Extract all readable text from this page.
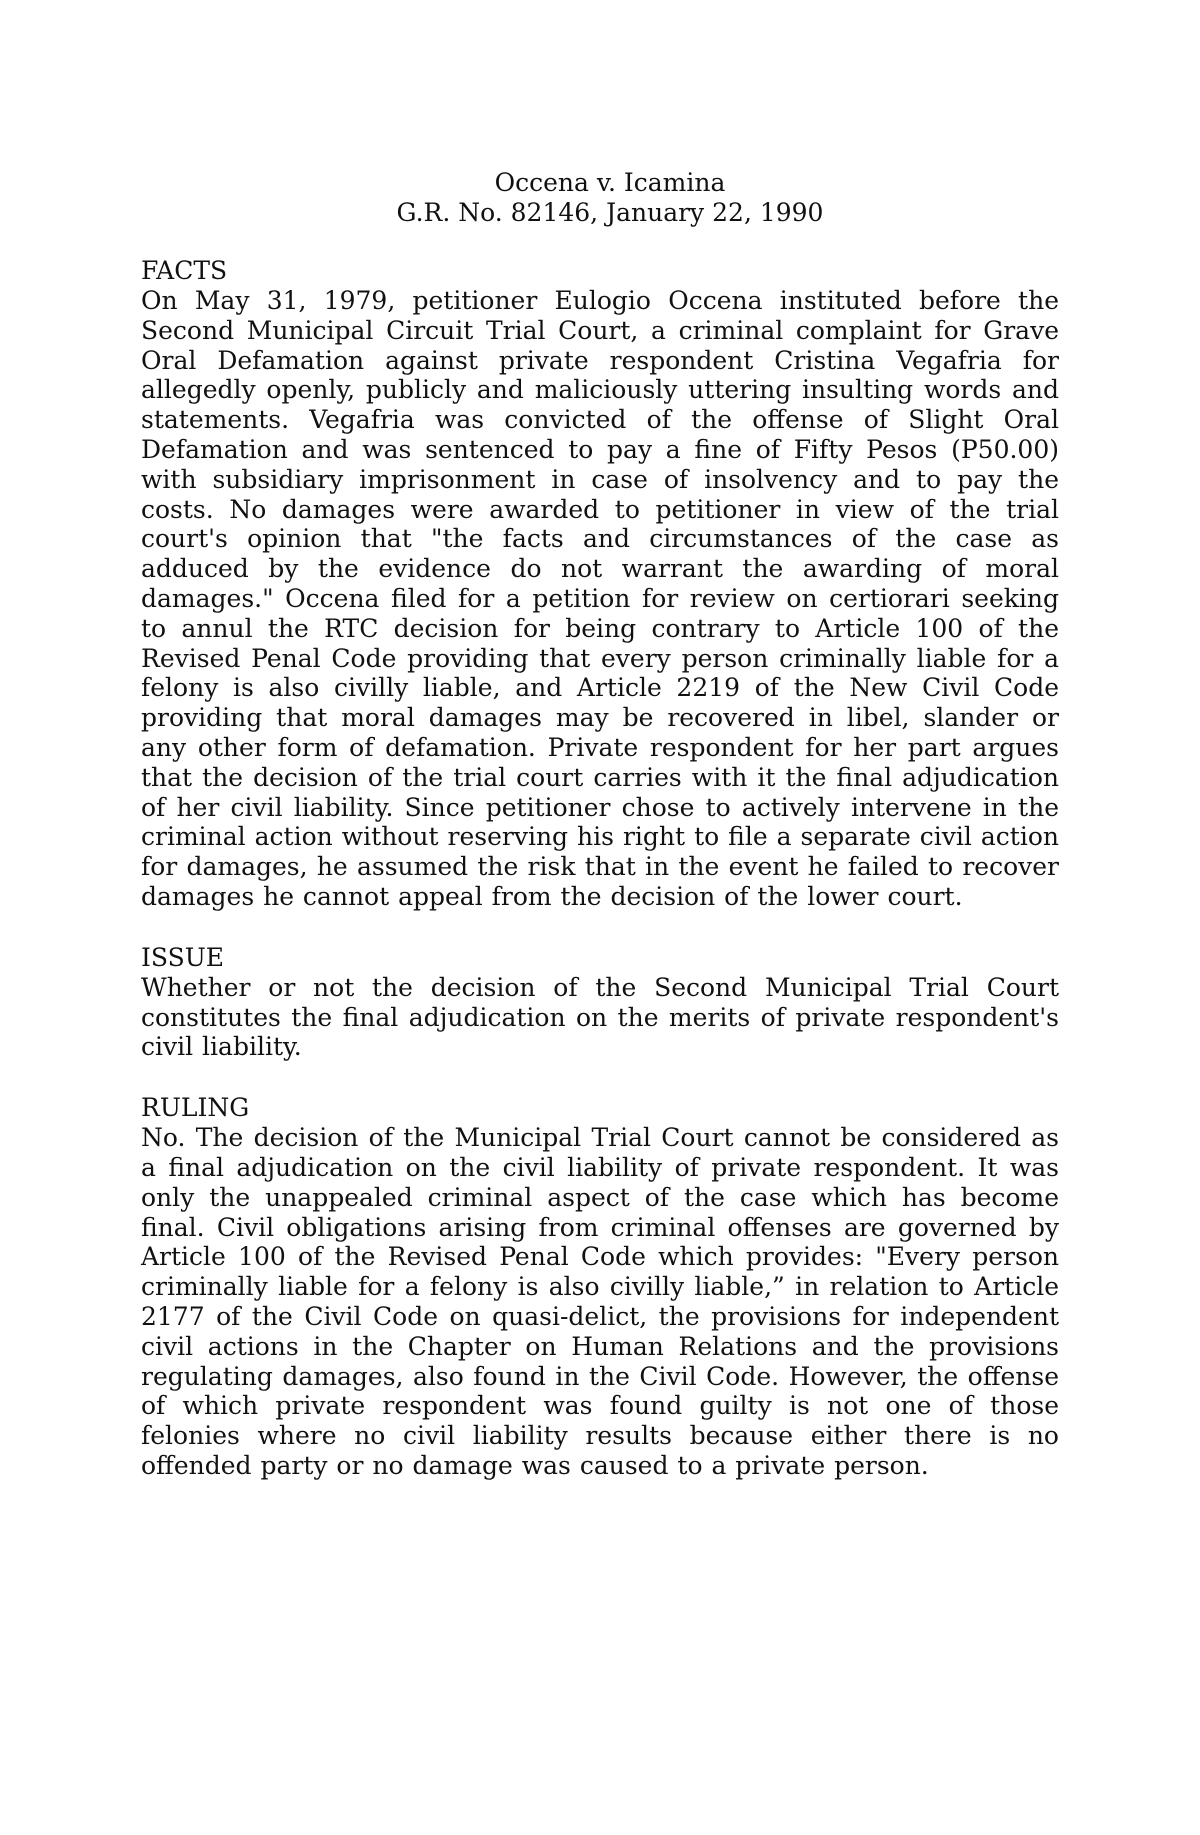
Occena v. Icamina
G.R. No. 82146, January 22, 1990
FACTS
On May 31, 1979, petitioner Eulogio Occena instituted before the Second Municipal Circuit Trial Court, a criminal complaint for Grave Oral Defamation against private respondent Cristina Vegafria for allegedly openly, publicly and maliciously uttering insulting words and statements. Vegafria was convicted of the offense of Slight Oral Defamation and was sentenced to pay a fine of Fifty Pesos (P50.00) with subsidiary imprisonment in case of insolvency and to pay the costs. No damages were awarded to petitioner in view of the trial court's opinion that "the facts and circumstances of the case as adduced by the evidence do not warrant the awarding of moral damages." Occena filed for a petition for review on certiorari seeking to annul the RTC decision for being contrary to Article 100 of the Revised Penal Code providing that every person criminally liable for a felony is also civilly liable, and Article 2219 of the New Civil Code providing that moral damages may be recovered in libel, slander or any other form of defamation. Private respondent for her part argues that the decision of the trial court carries with it the final adjudication of her civil liability. Since petitioner chose to actively intervene in the criminal action without reserving his right to file a separate civil action for damages, he assumed the risk that in the event he failed to recover damages he cannot appeal from the decision of the lower court.
ISSUE
Whether or not the decision of the Second Municipal Trial Court constitutes the final adjudication on the merits of private respondent's civil liability.
RULING
No. The decision of the Municipal Trial Court cannot be considered as a final adjudication on the civil liability of private respondent. It was only the unappealed criminal aspect of the case which has become final. Civil obligations arising from criminal offenses are governed by Article 100 of the Revised Penal Code which provides: "Every person criminally liable for a felony is also civilly liable,” in relation to Article 2177 of the Civil Code on quasi-delict, the provisions for independent civil actions in the Chapter on Human Relations and the provisions regulating damages, also found in the Civil Code. However, the offense of which private respondent was found guilty is not one of those felonies where no civil liability results because either there is no offended party or no damage was caused to a private person.
